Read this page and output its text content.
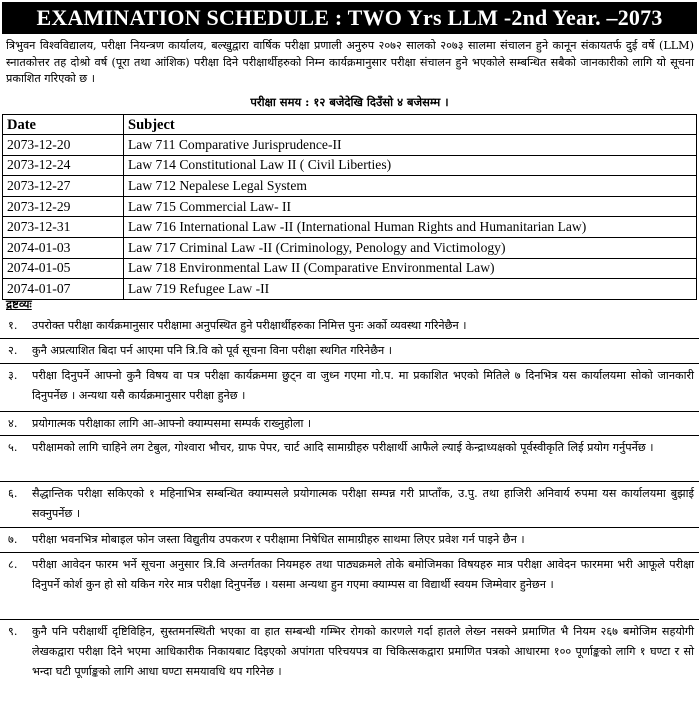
EXAMINATION SCHEDULE : TWO Yrs LLM -2nd Year. –2073
त्रिभुवन विश्वविद्यालय, परीक्षा नियन्त्रण कार्यालय, बल्खुद्वारा वार्षिक परीक्षा प्रणाली अनुरुप २०७२ सालको २०७३ सालमा संचालन हुने कानून संकायतर्फ दुई वर्षे (LLM) स्नातकोत्तर तह दोश्रो वर्ष (पूरा तथा आंशिक) परीक्षा दिने परीक्षार्थीहरुको निम्न कार्यक्रमानुसार परीक्षा संचालन हुने भएकोले सम्बन्धित सबैको जानकारीको लागि यो सूचना प्रकाशित गरिएको छ ।
परीक्षा समय : १२ बजेदेखि दिउँसो ४ बजेसम्म ।
Date	Subject
2073-12-20	Law 711 Comparative Jurisprudence-II
2073-12-24	Law 714 Constitutional Law II ( Civil Liberties)
2073-12-27	Law 712 Nepalese Legal System
2073-12-29	Law 715 Commercial Law- II
2073-12-31	Law 716 International Law -II (International Human Rights and Humanitarian Law)
2074-01-03	Law 717 Criminal Law -II (Criminology, Penology and Victimology)
2074-01-05	Law 718 Environmental Law II (Comparative Environmental Law)
2074-01-07	Law 719 Refugee Law -II
द्रष्टव्यः
१.	उपरोक्त परीक्षा कार्यक्रमानुसार परीक्षामा अनुपस्थित हुने परीक्षार्थीहरुका निमित्त पुनः अर्को व्यवस्था गरिनेछैन ।
२.	कुनै अप्रत्याशित बिदा पर्न आएमा पनि त्रि.वि को पूर्व सूचना विना परीक्षा स्थगित गरिनेछैन ।
३.	परीक्षा दिनुपर्ने आफ्नो कुनै विषय वा पत्र परीक्षा कार्यक्रममा छुट्न वा जुध्न गएमा गो.प. मा प्रकाशित भएको मितिले ७ दिनभित्र यस कार्यालयमा सोको जानकारी दिनुपर्नेछ । अन्यथा यसै कार्यक्रमानुसार परीक्षा हुनेछ ।
४.	प्रयोगात्मक परीक्षाका लागि आ-आफ्नो क्याम्पसमा सम्पर्क राख्नुहोला ।
५.	परीक्षामको लागि चाहिने लग टेबुल, गोश्वारा भौचर, ग्राफ पेपर, चार्ट आदि सामाग्रीहरु परीक्षार्थी आफैले ल्याई केन्द्राध्यक्षको पूर्वस्वीकृति लिई प्रयोग गर्नुपर्नेछ ।
६.	सैद्धान्तिक परीक्षा सकिएको १ महिनाभित्र सम्बन्धित क्याम्पसले प्रयोगात्मक परीक्षा सम्पन्न गरी प्राप्ताँक, उ.पु. तथा हाजिरी अनिवार्य रुपमा यस कार्यालयमा बुझाई सक्नुपर्नेछ ।
७.	परीक्षा भवनभित्र मोबाइल फोन जस्ता विद्युतीय उपकरण र परीक्षामा निषेधित सामाग्रीहरु साथमा लिएर प्रवेश गर्न पाइने छैन ।
८.	परीक्षा आवेदन फारम भर्ने सूचना अनुसार त्रि.वि अन्तर्गतका नियमहरु तथा पाठ्यक्रमले तोके बमोजिमका विषयहरु मात्र परीक्षा आवेदन फारममा भरी आफूले परीक्षा दिनुपर्ने कोर्श कुन हो सो यकिन गरेर मात्र परीक्षा दिनुपर्नेछ । यसमा अन्यथा हुन गएमा क्याम्पस वा विद्यार्थी स्वयम जिम्मेवार हुनेछन ।
९.	कुनै पनि परीक्षार्थी दृष्टिविहिन, सुस्तमनस्थिती भएका वा हात सम्बन्धी गम्भिर रोगको कारणले गर्दा हातले लेख्न नसक्ने प्रमाणित भै नियम २६७ बमोजिम सहयोगी लेखकद्वारा परीक्षा दिने भएमा आधिकारीक निकायबाट दिइएको अपांगता परिचयपत्र वा चिकित्सकद्वारा प्रमाणित पत्रको आधारमा १०० पूर्णाङ्कको लागि १ घण्टा र सो भन्दा घटी पूर्णाङ्कको लागि आधा घण्टा समयावधि थप गरिनेछ ।
